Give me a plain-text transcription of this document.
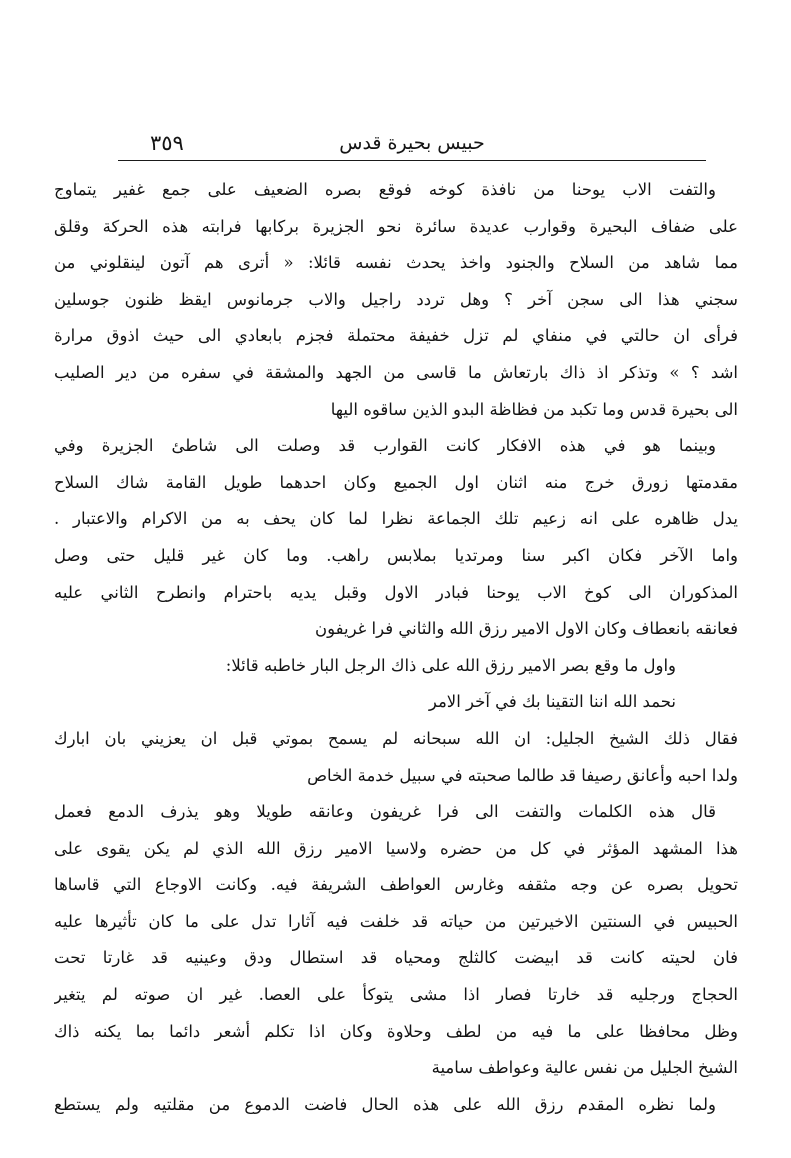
٣٥٩	حبيس بحيرة قدس
والتفت الاب يوحنا من نافذة كوخه فوقع بصره الضعيف على جمع غفير يتماوج
على ضفاف البحيرة وقوارب عديدة سائرة نحو الجزيرة بركابها فرابته هذه الحركة وقلق
مما شاهد من السلاح والجنود واخذ يحدث نفسه قائلا: « أترى هم آتون لينقلوني من
سجني هذا الى سجن آخر ؟ وهل تردد راجيل والاب جرمانوس ايقظ ظنون جوسلين
فرأى ان حالتي في منفاي لم تزل خفيفة محتملة فجزم بابعادي الى حيث اذوق مرارة
اشد ؟ » وتذكر اذ ذاك بارتعاش ما قاسى من الجهد والمشقة في سفره من دير الصليب
الى بحيرة قدس وما تكبد من فظاظة البدو الذين ساقوه اليها
وبينما هو في هذه الافكار كانت القوارب قد وصلت الى شاطئ الجزيرة وفي
مقدمتها زورق خرج منه اثنان اول الجميع وكان احدهما طويل القامة شاك السلاح
يدل ظاهره على انه زعيم تلك الجماعة نظرا لما كان يحف به من الاكرام والاعتبار .
واما الآخر فكان اكبر سنا ومرتديا بملابس راهب. وما كان غير قليل حتى وصل
المذكوران الى كوخ الاب يوحنا فبادر الاول وقبل يديه باحترام وانطرح الثاني عليه
فعانقه بانعطاف وكان الاول الامير رزق الله والثاني فرا غريفون
واول ما وقع بصر الامير رزق الله على ذاك الرجل البار خاطبه قائلا:
نحمد الله اننا التقينا بك في آخر الامر
فقال ذلك الشيخ الجليل: ان الله سبحانه لم يسمح بموتي قبل ان يعزيني بان ابارك
ولدا احبه وأعانق رصيفا قد طالما صحبته في سبيل خدمة الخاص
قال هذه الكلمات والتفت الى فرا غريفون وعانقه طويلا وهو يذرف الدمع فعمل
هذا المشهد المؤثر في كل من حضره ولاسيا الامير رزق الله الذي لم يكن يقوى على
تحويل بصره عن وجه مثقفه وغارس العواطف الشريفة فيه. وكانت الاوجاع التي قاساها
الحبيس في السنتين الاخيرتين من حياته قد خلفت فيه آثارا تدل على ما كان تأثيرها عليه
فان لحيته كانت قد ابيضت كالثلج ومحياه قد استطال ودق وعينيه قد غارتا تحت
الحجاج ورجليه قد خارتا فصار اذا مشى يتوكأ على العصا. غير ان صوته لم يتغير
وظل محافظا على ما فيه من لطف وحلاوة وكان اذا تكلم أشعر دائما بما يكنه ذاك
الشيخ الجليل من نفس عالية وعواطف سامية
ولما نظره المقدم رزق الله على هذه الحال فاضت الدموع من مقلتيه ولم يستطع
